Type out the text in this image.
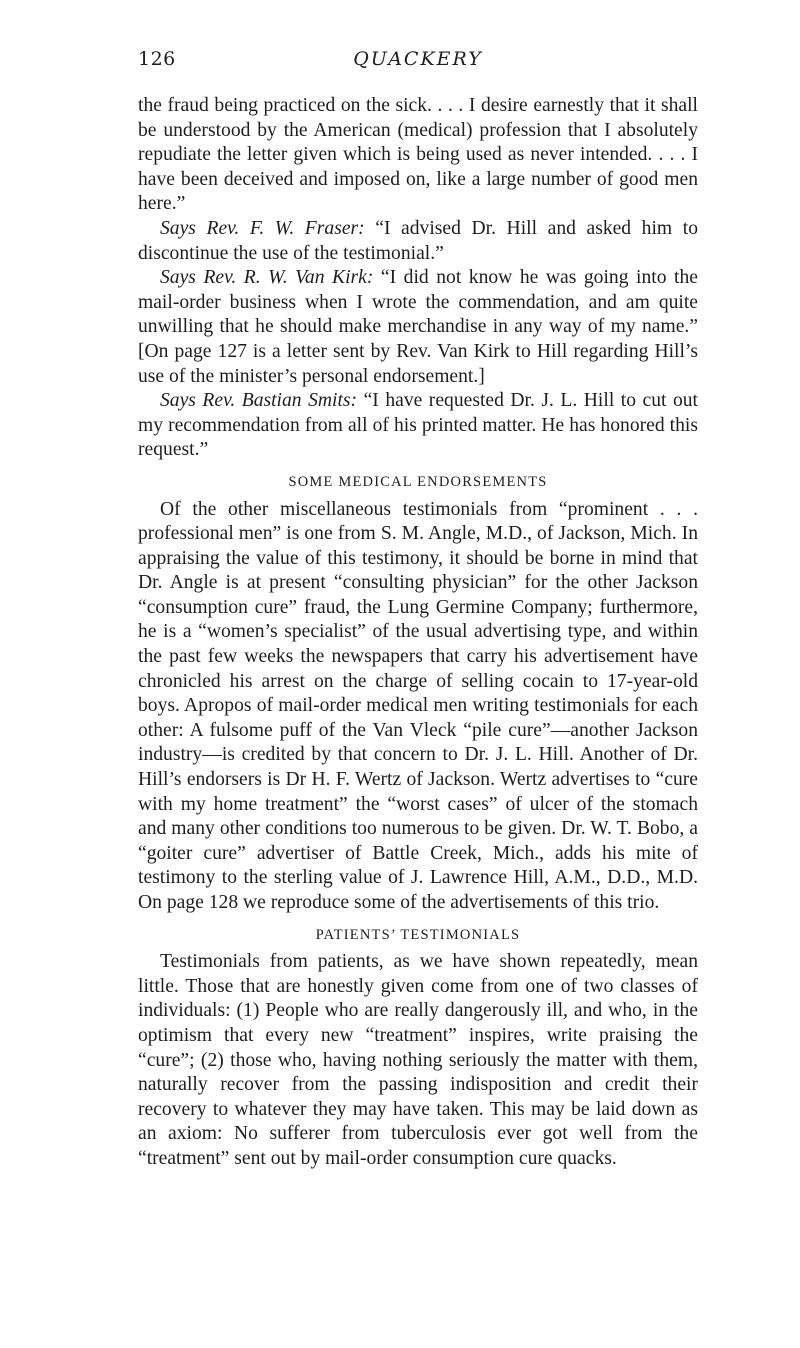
126	QUACKERY

the fraud being practiced on the sick. . . . I desire earnestly that it shall be understood by the American (medical) profession that I absolutely repudiate the letter given which is being used as never intended. . . . I have been deceived and imposed on, like a large number of good men here.”

Says Rev. F. W. Fraser: “I advised Dr. Hill and asked him to discontinue the use of the testimonial.”

Says Rev. R. W. Van Kirk: “I did not know he was going into the mail-order business when I wrote the commendation, and am quite unwilling that he should make merchandise in any way of my name.” [On page 127 is a letter sent by Rev. Van Kirk to Hill regarding Hill’s use of the minister’s personal endorsement.]

Says Rev. Bastian Smits: “I have requested Dr. J. L. Hill to cut out my recommendation from all of his printed matter. He has honored this request.”

SOME MEDICAL ENDORSEMENTS

Of the other miscellaneous testimonials from “prominent . . . professional men” is one from S. M. Angle, M.D., of Jackson, Mich. In appraising the value of this testimony, it should be borne in mind that Dr. Angle is at present “consulting physician” for the other Jackson “consumption cure” fraud, the Lung Germine Company; furthermore, he is a “women’s specialist” of the usual advertising type, and within the past few weeks the newspapers that carry his advertisement have chronicled his arrest on the charge of selling cocain to 17-year-old boys. Apropos of mail-order medical men writing testimonials for each other: A fulsome puff of the Van Vleck “pile cure”—another Jackson industry—is credited by that concern to Dr. J. L. Hill. Another of Dr. Hill’s endorsers is Dr H. F. Wertz of Jackson. Wertz advertises to “cure with my home treatment” the “worst cases” of ulcer of the stomach and many other conditions too numerous to be given. Dr. W. T. Bobo, a “goiter cure” advertiser of Battle Creek, Mich., adds his mite of testimony to the sterling value of J. Lawrence Hill, A.M., D.D., M.D. On page 128 we reproduce some of the advertisements of this trio.

PATIENTS’ TESTIMONIALS

Testimonials from patients, as we have shown repeatedly, mean little. Those that are honestly given come from one of two classes of individuals: (1) People who are really dangerously ill, and who, in the optimism that every new “treatment” inspires, write praising the “cure”; (2) those who, having nothing seriously the matter with them, naturally recover from the passing indisposition and credit their recovery to whatever they may have taken. This may be laid down as an axiom: No sufferer from tuberculosis ever got well from the “treatment” sent out by mail-order consumption cure quacks.
